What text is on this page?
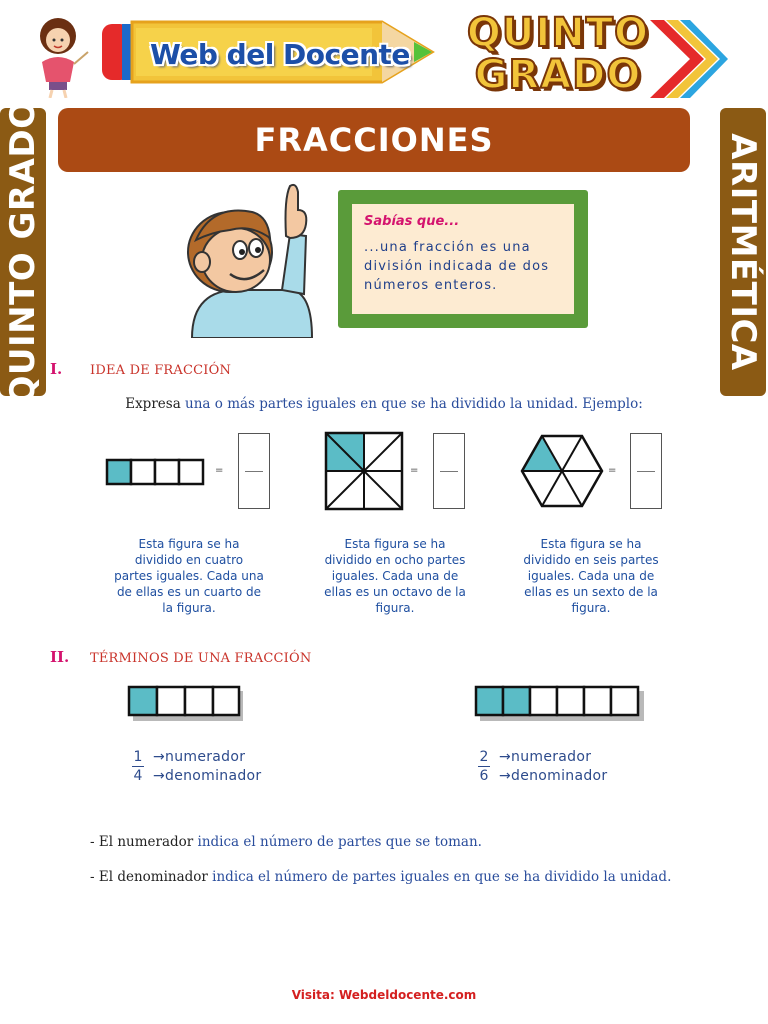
Web del Docente	QUINTO
GRADO
QUINTO GRADO	ARITMÉTICA
FRACCIONES
Sabías que...
...una fracción es una división indicada de dos números enteros.
I.	IDEA DE FRACCIÓN
Expresa una o más partes iguales en que se ha dividido la unidad. Ejemplo:
=	=	=
Esta figura se ha dividido en cuatro partes iguales. Cada una de ellas es un cuarto de la figura.
Esta figura se ha dividido en ocho partes iguales. Cada una de ellas es un octavo de la figura.
Esta figura se ha dividido en seis partes iguales. Cada una de ellas es un sexto de la figura.
II.	TÉRMINOS DE UNA FRACCIÓN
1 →numerador
4 →denominador
2 →numerador
6 →denominador
- El numerador indica el número de partes que se toman.
- El denominador indica el número de partes iguales en que se ha dividido la unidad.
Visita: Webdeldocente.com
